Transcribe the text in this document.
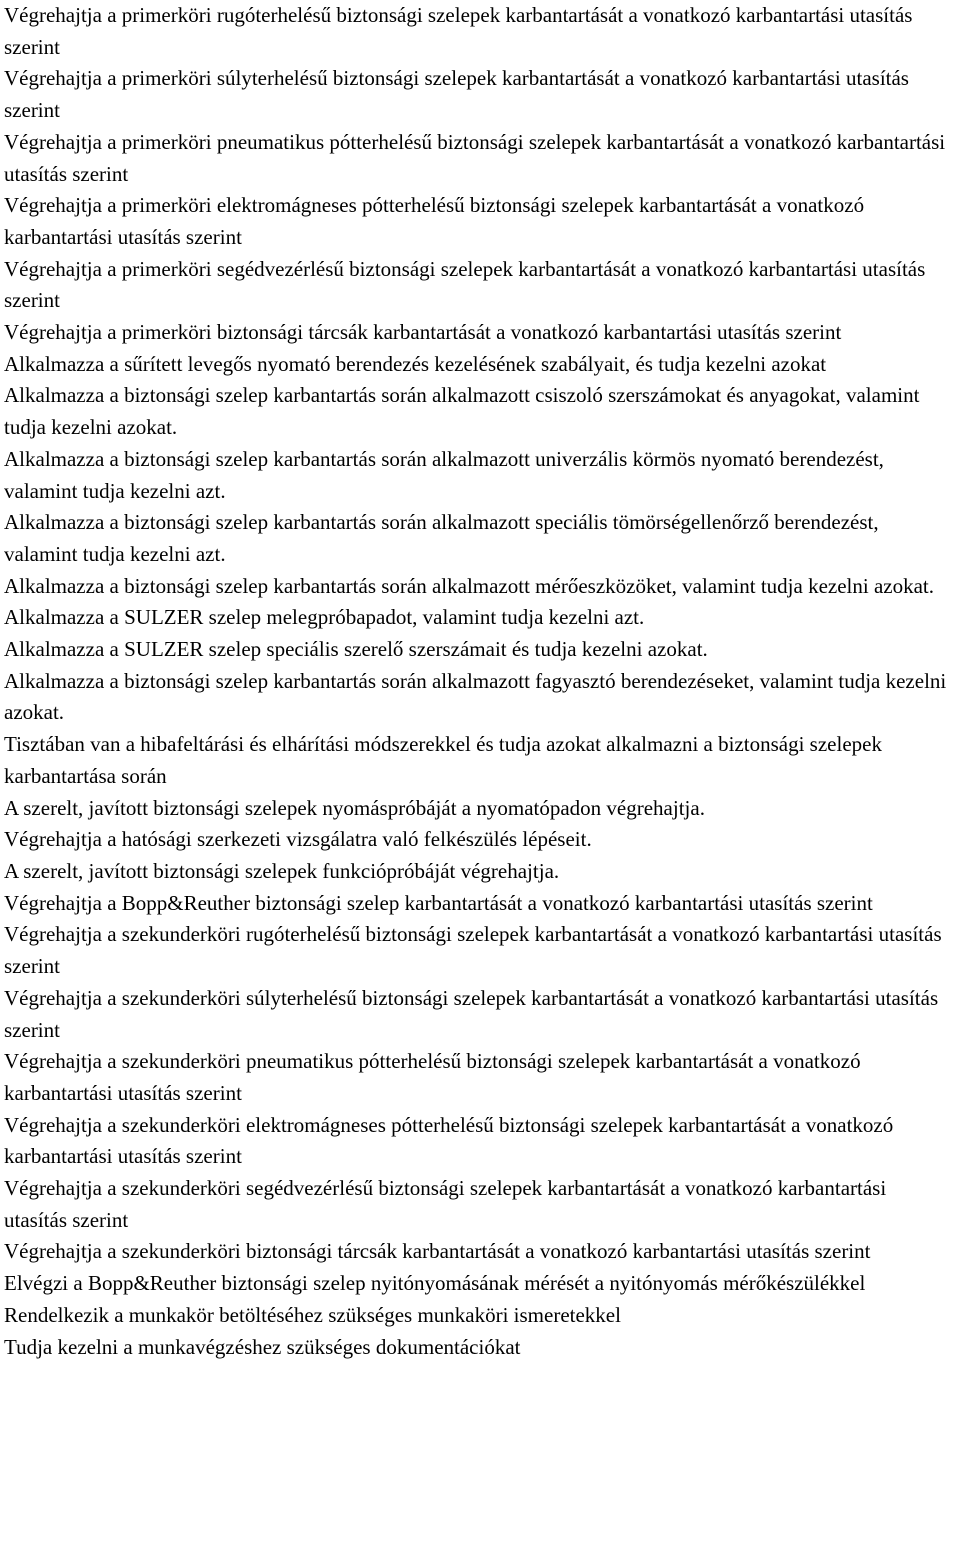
Végrehajtja a primerköri rugóterhelésű biztonsági szelepek karbantartását a vonatkozó karbantartási utasítás szerint
Végrehajtja a primerköri súlyterhelésű biztonsági szelepek karbantartását a vonatkozó karbantartási utasítás szerint
Végrehajtja a primerköri pneumatikus pótterhelésű biztonsági szelepek karbantartását a vonatkozó karbantartási utasítás szerint
Végrehajtja a primerköri elektromágneses pótterhelésű biztonsági szelepek karbantartását a vonatkozó karbantartási utasítás szerint
Végrehajtja a primerköri segédvezérlésű biztonsági szelepek karbantartását a vonatkozó karbantartási utasítás szerint
Végrehajtja a primerköri biztonsági tárcsák karbantartását a vonatkozó karbantartási utasítás szerint
Alkalmazza a sűrített levegős nyomató berendezés kezelésének szabályait, és tudja kezelni azokat
Alkalmazza a biztonsági szelep karbantartás során alkalmazott csiszoló szerszámokat és anyagokat, valamint tudja kezelni azokat.
Alkalmazza a biztonsági szelep karbantartás során alkalmazott univerzális körmös nyomató berendezést, valamint tudja kezelni azt.
Alkalmazza a biztonsági szelep karbantartás során alkalmazott speciális tömörségellenőrző berendezést, valamint tudja kezelni azt.
Alkalmazza a biztonsági szelep karbantartás során alkalmazott mérőeszközöket, valamint tudja kezelni azokat.
Alkalmazza a SULZER szelep melegpróbapadot, valamint tudja kezelni azt.
Alkalmazza a SULZER szelep speciális szerelő szerszámait és tudja kezelni azokat.
Alkalmazza a biztonsági szelep karbantartás során alkalmazott fagyasztó berendezéseket, valamint tudja kezelni azokat.
Tisztában van a hibafeltárási és elhárítási módszerekkel és tudja azokat alkalmazni a biztonsági szelepek karbantartása során
A szerelt, javított biztonsági szelepek nyomáspróbáját a nyomatópadon végrehajtja.
Végrehajtja a hatósági szerkezeti vizsgálatra való felkészülés lépéseit.
A szerelt, javított biztonsági szelepek funkciópróbáját végrehajtja.
Végrehajtja a Bopp&Reuther biztonsági szelep karbantartását a vonatkozó karbantartási utasítás szerint
Végrehajtja a szekunderköri rugóterhelésű biztonsági szelepek karbantartását a vonatkozó karbantartási utasítás szerint
Végrehajtja a szekunderköri súlyterhelésű biztonsági szelepek karbantartását a vonatkozó karbantartási utasítás szerint
Végrehajtja a szekunderköri pneumatikus pótterhelésű biztonsági szelepek karbantartását a vonatkozó karbantartási utasítás szerint
Végrehajtja a szekunderköri elektromágneses pótterhelésű biztonsági szelepek karbantartását a vonatkozó karbantartási utasítás szerint
Végrehajtja a szekunderköri segédvezérlésű biztonsági szelepek karbantartását a vonatkozó karbantartási utasítás szerint
Végrehajtja a szekunderköri biztonsági tárcsák karbantartását a vonatkozó karbantartási utasítás szerint
Elvégzi a Bopp&Reuther biztonsági szelep nyitónyomásának mérését a nyitónyomás mérőkészülékkel
Rendelkezik a munkakör betöltéséhez szükséges munkaköri ismeretekkel
Tudja kezelni a munkavégzéshez szükséges dokumentációkat
